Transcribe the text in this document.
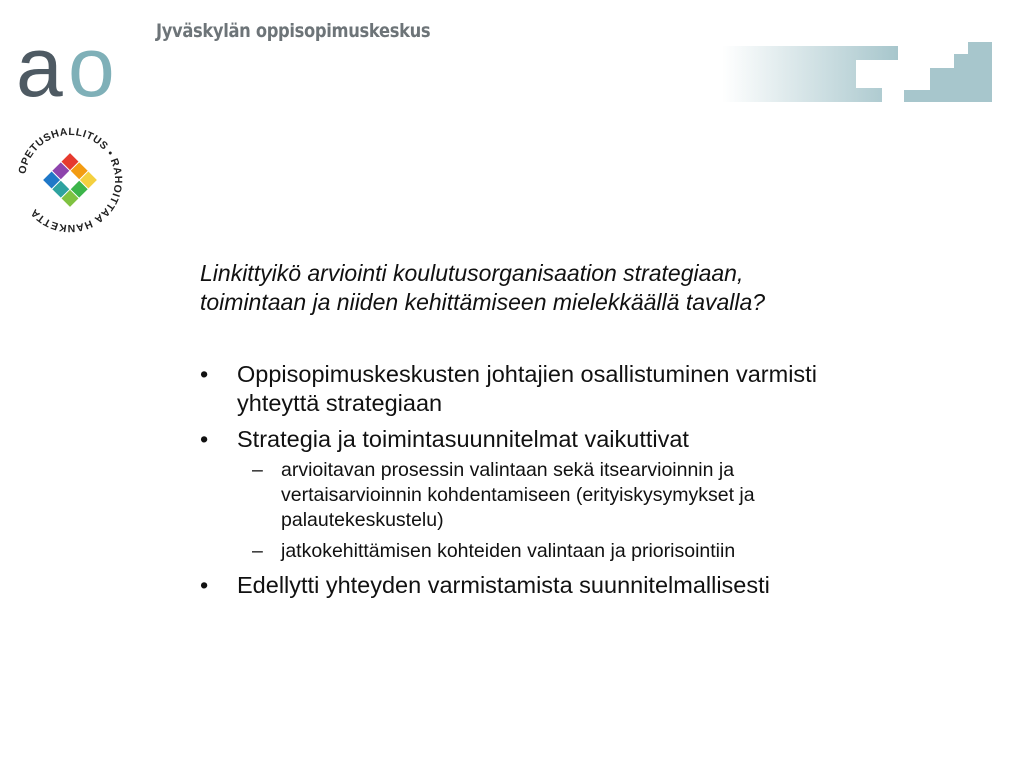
a o Jyväskylän oppisopimuskeskus
OPETUSHALLITUS • RAHOITTAA HANKETTA
Linkittyikö arviointi koulutusorganisaation strategiaan,
toimintaan ja niiden kehittämiseen mielekkäällä tavalla?
•	Oppisopimuskeskusten johtajien osallistuminen varmisti
yhteyttä strategiaan
•	Strategia ja toimintasuunnitelmat vaikuttivat
– arvioitavan prosessin valintaan sekä itsearvioinnin ja
vertaisarvioinnin kohdentamiseen (erityiskysymykset ja
palautekeskustelu)
– jatkokehittämisen kohteiden valintaan ja priorisointiin
•	Edellytti yhteyden varmistamista suunnitelmallisesti
